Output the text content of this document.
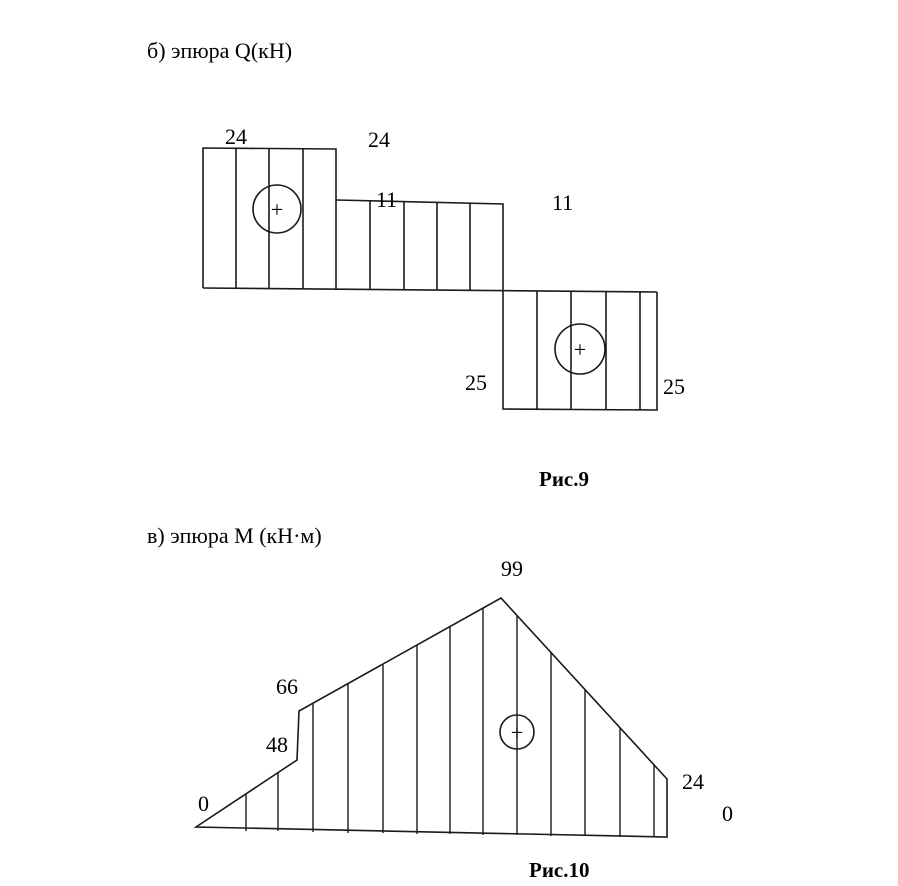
б) эпюра Q(кН)
+
+
24	24
11	11
25	25
Рис.9
в) эпюра М (кН·м)
+
0
48
66
99
24
0
Рис.10
